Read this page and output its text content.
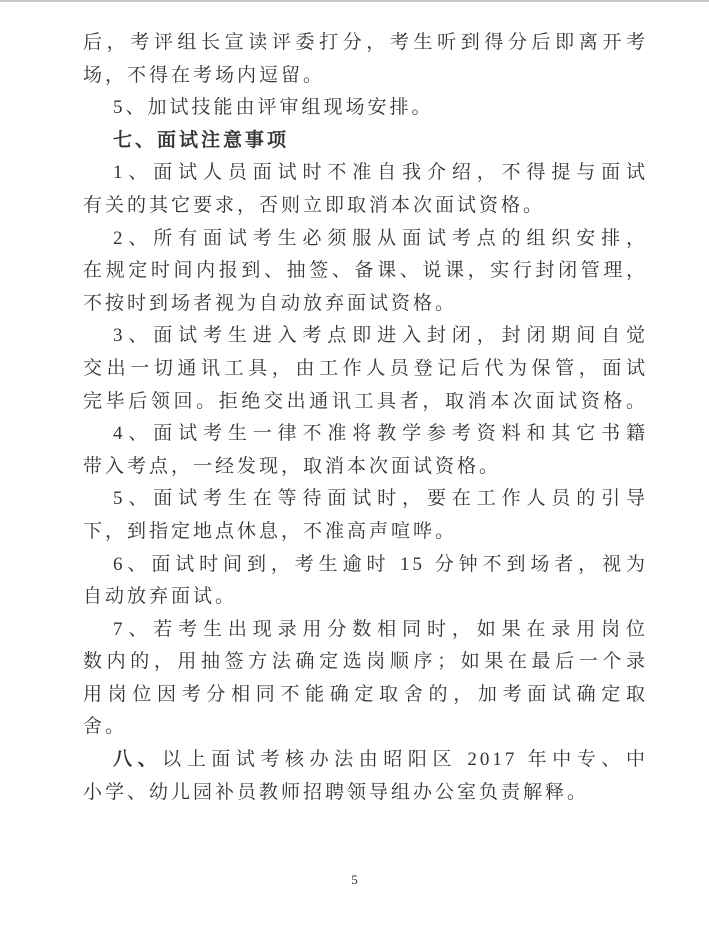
后，考评组长宣读评委打分，考生听到得分后即离开考
场，不得在考场内逗留。
5、加试技能由评审组现场安排。
七、面试注意事项
1、面试人员面试时不准自我介绍，不得提与面试
有关的其它要求，否则立即取消本次面试资格。
2、所有面试考生必须服从面试考点的组织安排，
在规定时间内报到、抽签、备课、说课，实行封闭管理，
不按时到场者视为自动放弃面试资格。
3、面试考生进入考点即进入封闭，封闭期间自觉
交出一切通讯工具，由工作人员登记后代为保管，面试
完毕后领回。拒绝交出通讯工具者，取消本次面试资格。
4、面试考生一律不准将教学参考资料和其它书籍
带入考点，一经发现，取消本次面试资格。
5、面试考生在等待面试时，要在工作人员的引导
下，到指定地点休息，不准高声喧哗。
6、面试时间到，考生逾时 15 分钟不到场者，视为
自动放弃面试。
7、若考生出现录用分数相同时，如果在录用岗位
数内的，用抽签方法确定选岗顺序；如果在最后一个录
用岗位因考分相同不能确定取舍的，加考面试确定取
舍。
八、以上面试考核办法由昭阳区 2017 年中专、中
小学、幼儿园补员教师招聘领导组办公室负责解释。
5
